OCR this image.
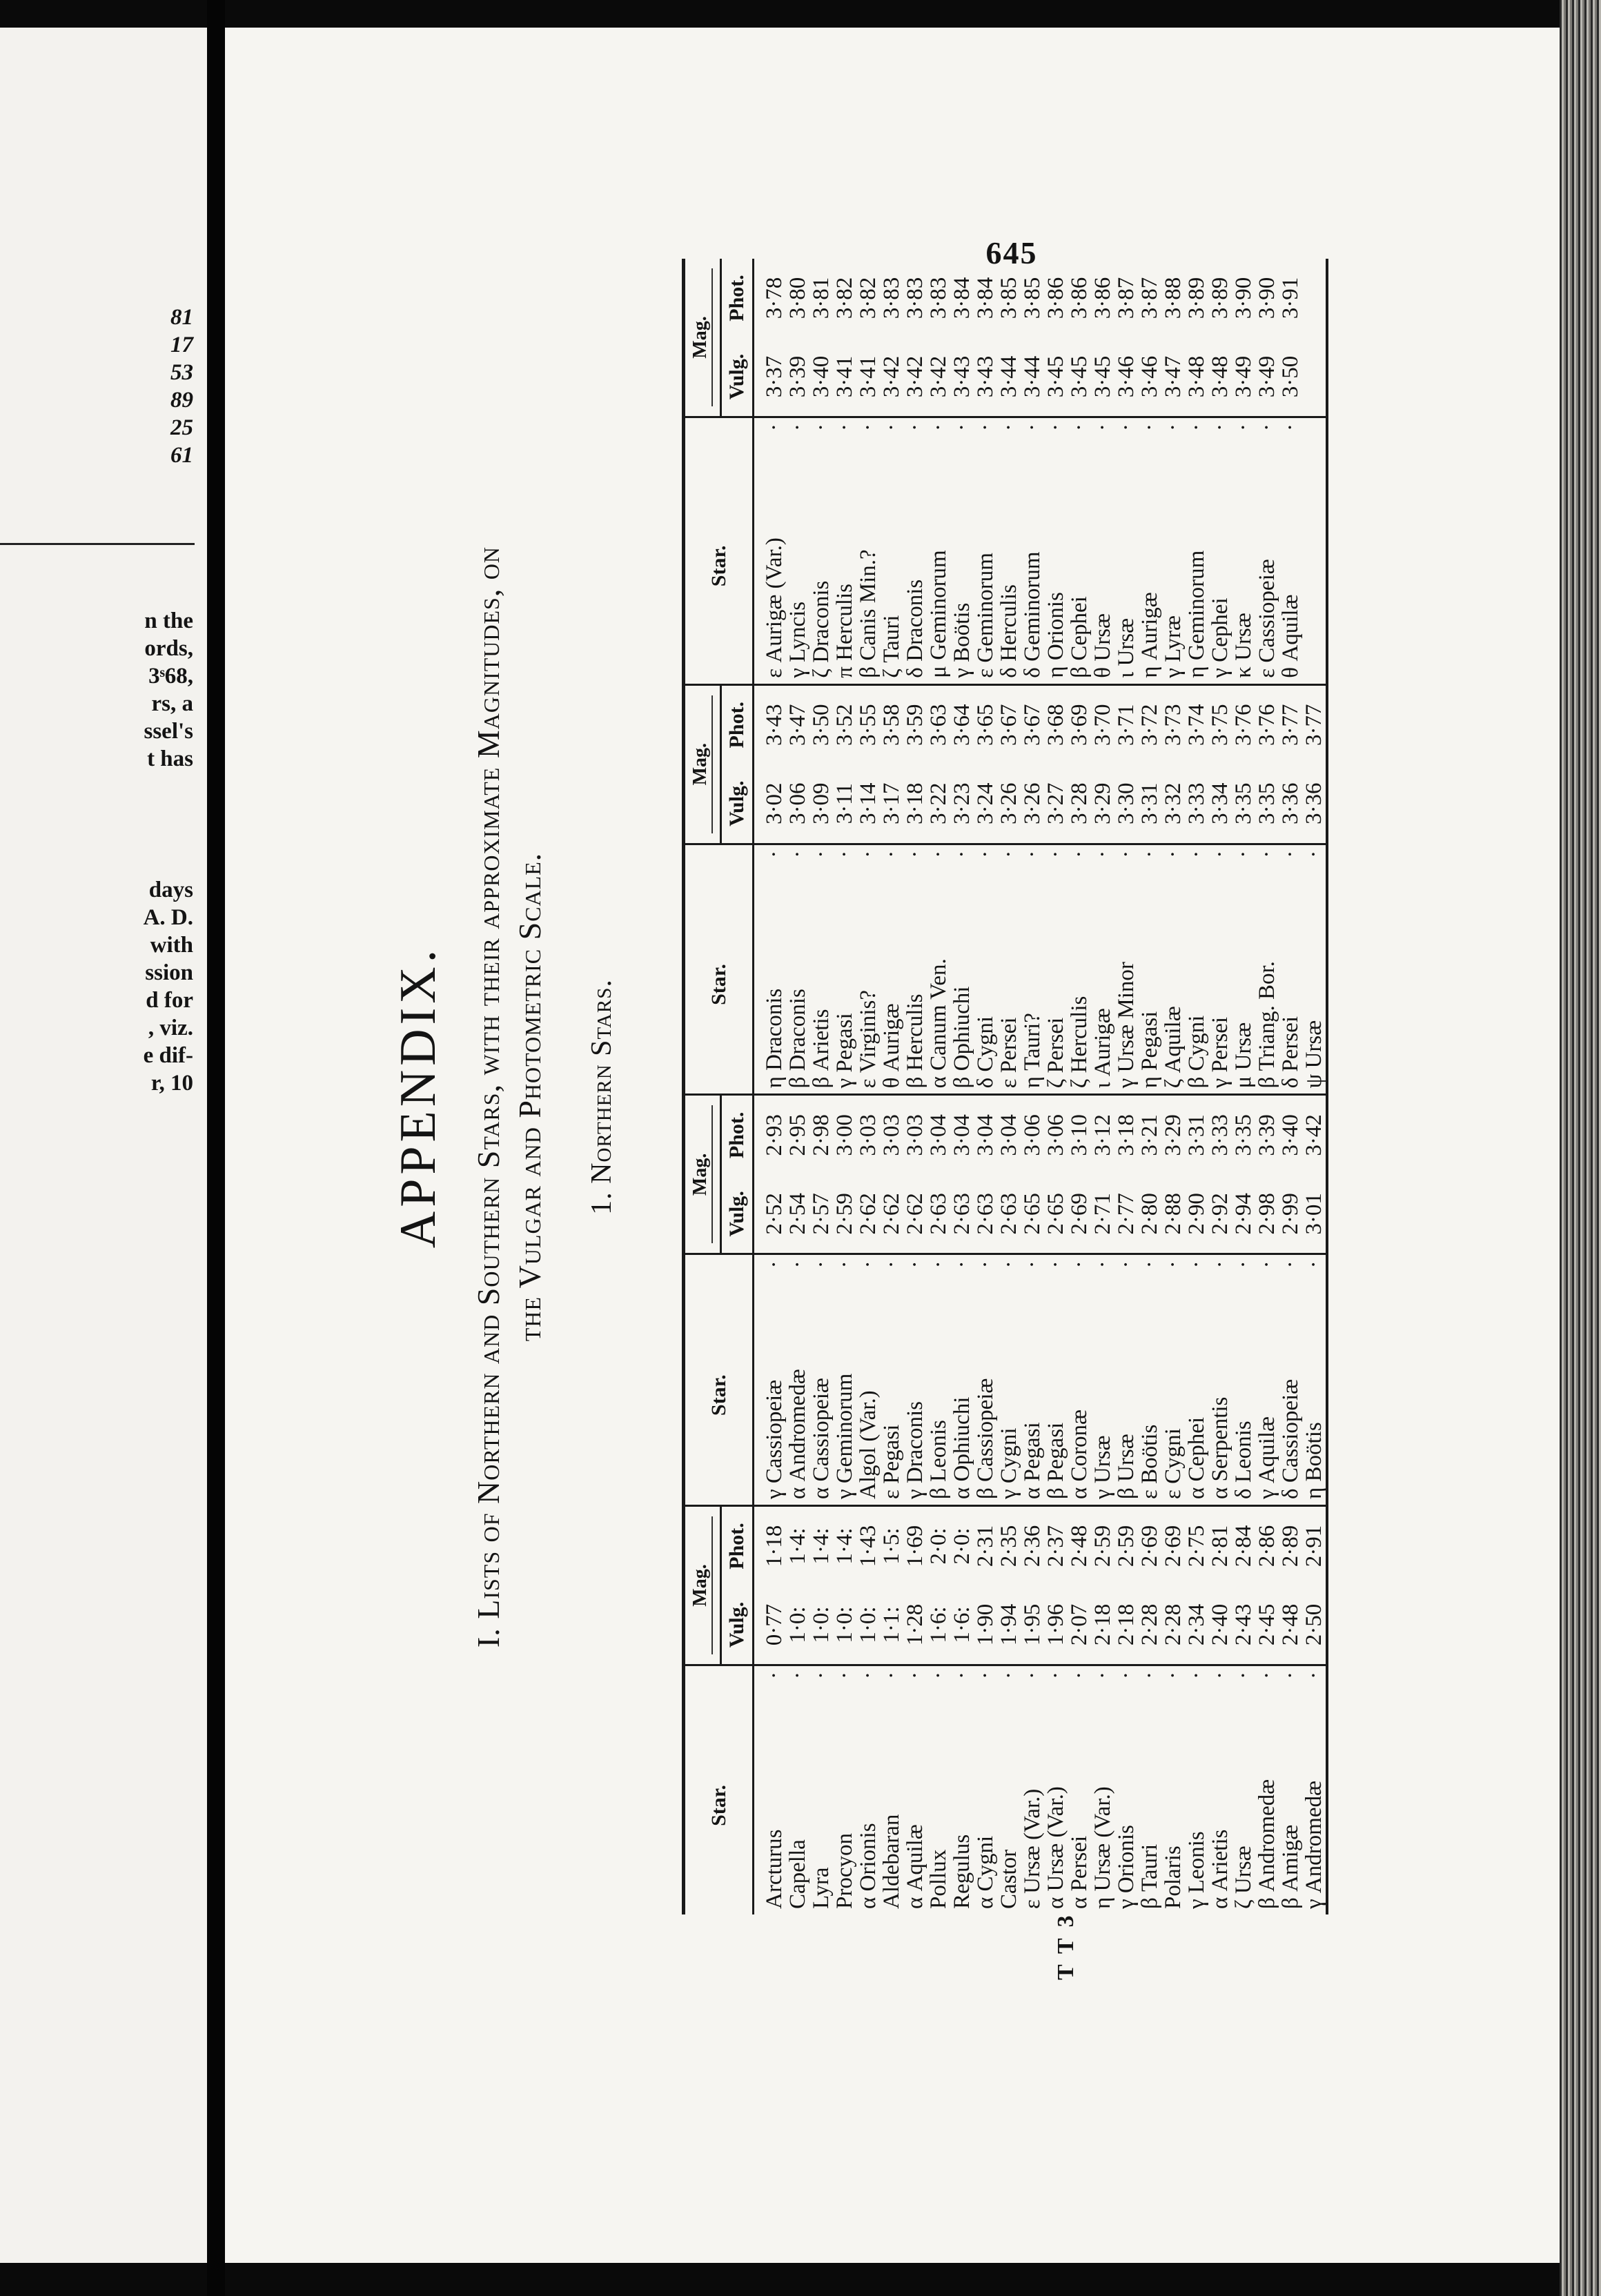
81
17
53
89
25
61
n the
ords,
3ˢ68,
rs, a
ssel's
t has
days
A. D.
with
ssion
d for
, viz.
e dif-
r, 10
645
APPENDIX. I. Lists of Northern and Southern Stars, with their approximate Magnitudes, on the Vulgar and Photometric Scale. 1. Northern Stars.
Star.		Mag.		Star.		Mag.		Star.		Mag.		Star.		Mag.	

		Vulg.	Phot.			Vulg.	Phot.			Vulg.	Phot.			Vulg.	Phot.
Arcturus	·	0·77	1·18	γ Cassiopeiæ	·	2·52	2·93	η Draconis	·	3·02	3·43	ε Aurigæ (Var.)	·	3·37	3·78
Capella	·	1·0:	1·4:	α Andromedæ	·	2·54	2·95	β Draconis	·	3·06	3·47	γ Lyncis	·	3·39	3·80
Lyra	·	1·0:	1·4:	α Cassiopeiæ	·	2·57	2·98	β Arietis	·	3·09	3·50	ζ Draconis	·	3·40	3·81
Procyon	·	1·0:	1·4:	γ Geminorum	·	2·59	3·00	γ Pegasi	·	3·11	3·52	π Herculis	·	3·41	3·82
α Orionis	·	1·0:	1·43	Algol (Var.)	·	2·62	3·03	ε Virginis?	·	3·14	3·55	β Canis Min.?	·	3·41	3·82
Aldebaran	·	1·1:	1·5:	ε Pegasi	·	2·62	3·03	θ Aurigæ	·	3·17	3·58	ζ Tauri	·	3·42	3·83
α Aquilæ	·	1·28	1·69	γ Draconis	·	2·62	3·03	β Herculis	·	3·18	3·59	δ Draconis	·	3·42	3·83
Pollux	·	1·6:	2·0:	β Leonis	·	2·63	3·04	α Canum Ven.	·	3·22	3·63	μ Geminorum	·	3·42	3·83
Regulus	·	1·6:	2·0:	α Ophiuchi	·	2·63	3·04	β Ophiuchi	·	3·23	3·64	γ Boötis	·	3·43	3·84
α Cygni	·	1·90	2·31	β Cassiopeiæ	·	2·63	3·04	δ Cygni	·	3·24	3·65	ε Geminorum	·	3·43	3·84
Castor	·	1·94	2·35	γ Cygni	·	2·63	3·04	ε Persei	·	3·26	3·67	δ Herculis	·	3·44	3·85
ε Ursæ (Var.)	·	1·95	2·36	α Pegasi	·	2·65	3·06	η Tauri?	·	3·26	3·67	δ Geminorum	·	3·44	3·85
α Ursæ (Var.)	·	1·96	2·37	β Pegasi	·	2·65	3·06	ζ Persei	·	3·27	3·68	η Orionis	·	3·45	3·86
α Persei	·	2·07	2·48	α Coronæ	·	2·69	3·10	ζ Herculis	·	3·28	3·69	β Cephei	·	3·45	3·86
η Ursæ (Var.)	·	2·18	2·59	γ Ursæ	·	2·71	3·12	ι Aurigæ	·	3·29	3·70	θ Ursæ	·	3·45	3·86
γ Orionis	·	2·18	2·59	β Ursæ	·	2·77	3·18	γ Ursæ Minor	·	3·30	3·71	ι Ursæ	·	3·46	3·87
β Tauri	·	2·28	2·69	ε Boötis	·	2·80	3·21	η Pegasi	·	3·31	3·72	η Aurigæ	·	3·46	3·87
Polaris	·	2·28	2·69	ε Cygni	·	2·88	3·29	ζ Aquilæ	·	3·32	3·73	γ Lyræ	·	3·47	3·88
γ Leonis	·	2·34	2·75	α Cephei	·	2·90	3·31	β Cygni	·	3·33	3·74	η Geminorum	·	3·48	3·89
α Arietis	·	2·40	2·81	α Serpentis	·	2·92	3·33	γ Persei	·	3·34	3·75	γ Cephei	·	3·48	3·89
ζ Ursæ	·	2·43	2·84	δ Leonis	·	2·94	3·35	μ Ursæ	·	3·35	3·76	κ Ursæ	·	3·49	3·90
β Andromedæ	·	2·45	2·86	γ Aquilæ	·	2·98	3·39	β Triang. Bor.	·	3·35	3·76	ε Cassiopeiæ	·	3·49	3·90
β Amigæ	·	2·48	2·89	δ Cassiopeiæ	·	2·99	3·40	δ Persei	·	3·36	3·77	θ Aquilæ	·	3·50	3·91
γ Andromedæ	·	2·50	2·91	η Boötis	·	3·01	3·42	ψ Ursæ	·	3·36	3·77				
T T 3
